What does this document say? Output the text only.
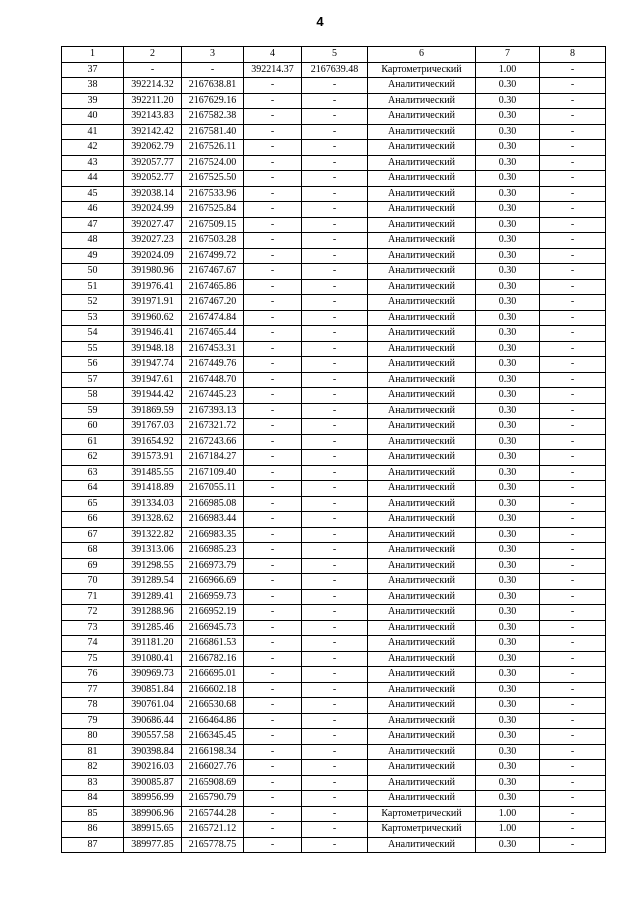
4
1	2	3	4	5	6	7	8
37	-	-	392214.37	2167639.48	Картометрический	1.00	-
38	392214.32	2167638.81	-	-	Аналитический	0.30	-
39	392211.20	2167629.16	-	-	Аналитический	0.30	-
40	392143.83	2167582.38	-	-	Аналитический	0.30	-
41	392142.42	2167581.40	-	-	Аналитический	0.30	-
42	392062.79	2167526.11	-	-	Аналитический	0.30	-
43	392057.77	2167524.00	-	-	Аналитический	0.30	-
44	392052.77	2167525.50	-	-	Аналитический	0.30	-
45	392038.14	2167533.96	-	-	Аналитический	0.30	-
46	392024.99	2167525.84	-	-	Аналитический	0.30	-
47	392027.47	2167509.15	-	-	Аналитический	0.30	-
48	392027.23	2167503.28	-	-	Аналитический	0.30	-
49	392024.09	2167499.72	-	-	Аналитический	0.30	-
50	391980.96	2167467.67	-	-	Аналитический	0.30	-
51	391976.41	2167465.86	-	-	Аналитический	0.30	-
52	391971.91	2167467.20	-	-	Аналитический	0.30	-
53	391960.62	2167474.84	-	-	Аналитический	0.30	-
54	391946.41	2167465.44	-	-	Аналитический	0.30	-
55	391948.18	2167453.31	-	-	Аналитический	0.30	-
56	391947.74	2167449.76	-	-	Аналитический	0.30	-
57	391947.61	2167448.70	-	-	Аналитический	0.30	-
58	391944.42	2167445.23	-	-	Аналитический	0.30	-
59	391869.59	2167393.13	-	-	Аналитический	0.30	-
60	391767.03	2167321.72	-	-	Аналитический	0.30	-
61	391654.92	2167243.66	-	-	Аналитический	0.30	-
62	391573.91	2167184.27	-	-	Аналитический	0.30	-
63	391485.55	2167109.40	-	-	Аналитический	0.30	-
64	391418.89	2167055.11	-	-	Аналитический	0.30	-
65	391334.03	2166985.08	-	-	Аналитический	0.30	-
66	391328.62	2166983.44	-	-	Аналитический	0.30	-
67	391322.82	2166983.35	-	-	Аналитический	0.30	-
68	391313.06	2166985.23	-	-	Аналитический	0.30	-
69	391298.55	2166973.79	-	-	Аналитический	0.30	-
70	391289.54	2166966.69	-	-	Аналитический	0.30	-
71	391289.41	2166959.73	-	-	Аналитический	0.30	-
72	391288.96	2166952.19	-	-	Аналитический	0.30	-
73	391285.46	2166945.73	-	-	Аналитический	0.30	-
74	391181.20	2166861.53	-	-	Аналитический	0.30	-
75	391080.41	2166782.16	-	-	Аналитический	0.30	-
76	390969.73	2166695.01	-	-	Аналитический	0.30	-
77	390851.84	2166602.18	-	-	Аналитический	0.30	-
78	390761.04	2166530.68	-	-	Аналитический	0.30	-
79	390686.44	2166464.86	-	-	Аналитический	0.30	-
80	390557.58	2166345.45	-	-	Аналитический	0.30	-
81	390398.84	2166198.34	-	-	Аналитический	0.30	-
82	390216.03	2166027.76	-	-	Аналитический	0.30	-
83	390085.87	2165908.69	-	-	Аналитический	0.30	-
84	389956.99	2165790.79	-	-	Аналитический	0.30	-
85	389906.96	2165744.28	-	-	Картометрический	1.00	-
86	389915.65	2165721.12	-	-	Картометрический	1.00	-
87	389977.85	2165778.75	-	-	Аналитический	0.30	-
